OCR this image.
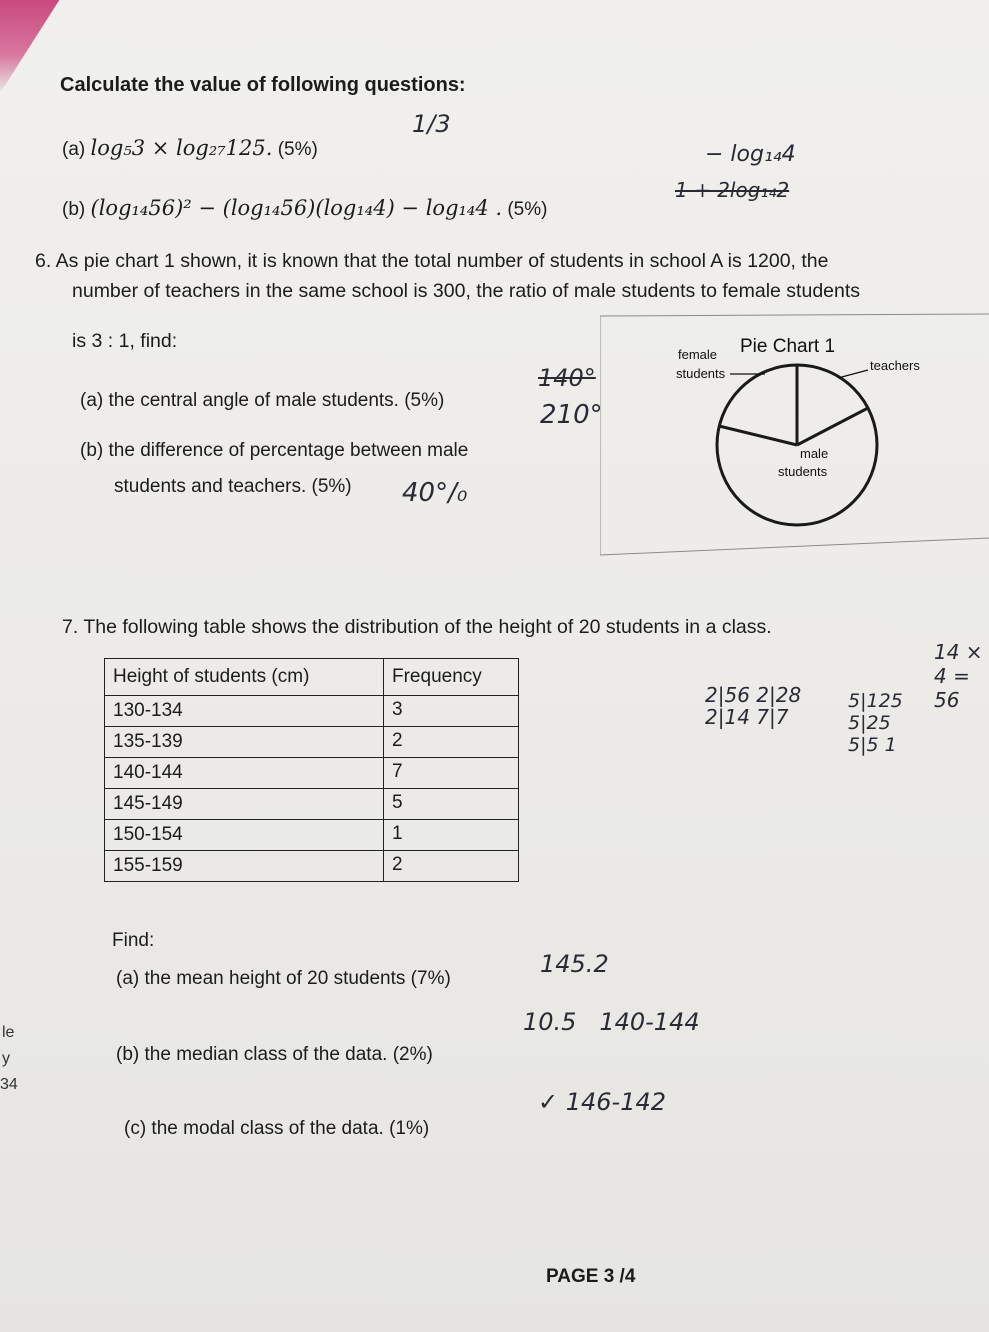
Calculate the value of following questions:
(a) log₅3 × log₂₇125. (5%)
1/3
(b) (log₁₄56)² − (log₁₄56)(log₁₄4) − log₁₄4 . (5%)
− log₁₄4
1 + 2log₁₄2
6. As pie chart 1 shown, it is known that the total number of students in school A is 1200, the
number of teachers in the same school is 300, the ratio of male students to female students
is 3 : 1, find:
(a) the central angle of male students. (5%)
140°
210°
(b) the difference of percentage between male
students and teachers. (5%) 40°/₀
Pie Chart 1
female
students
teachers
male
students
7. The following table shows the distribution of the height of 20 students in a class.
Height of students (cm)	Frequency
130-134	3
135-139	2
140-144	7
145-149	5
150-154	1
155-159	2
2|56 2|28 2|14 7|7
5|125 5|25 5|5 1
14 × 4 = 56
Find:
(a) the mean height of 20 students (7%)
145.2
(b) the median class of the data. (2%)
10.5   140-144
(c) the modal class of the data. (1%)
✓ 146-142
le
y
34
PAGE 3 /4
